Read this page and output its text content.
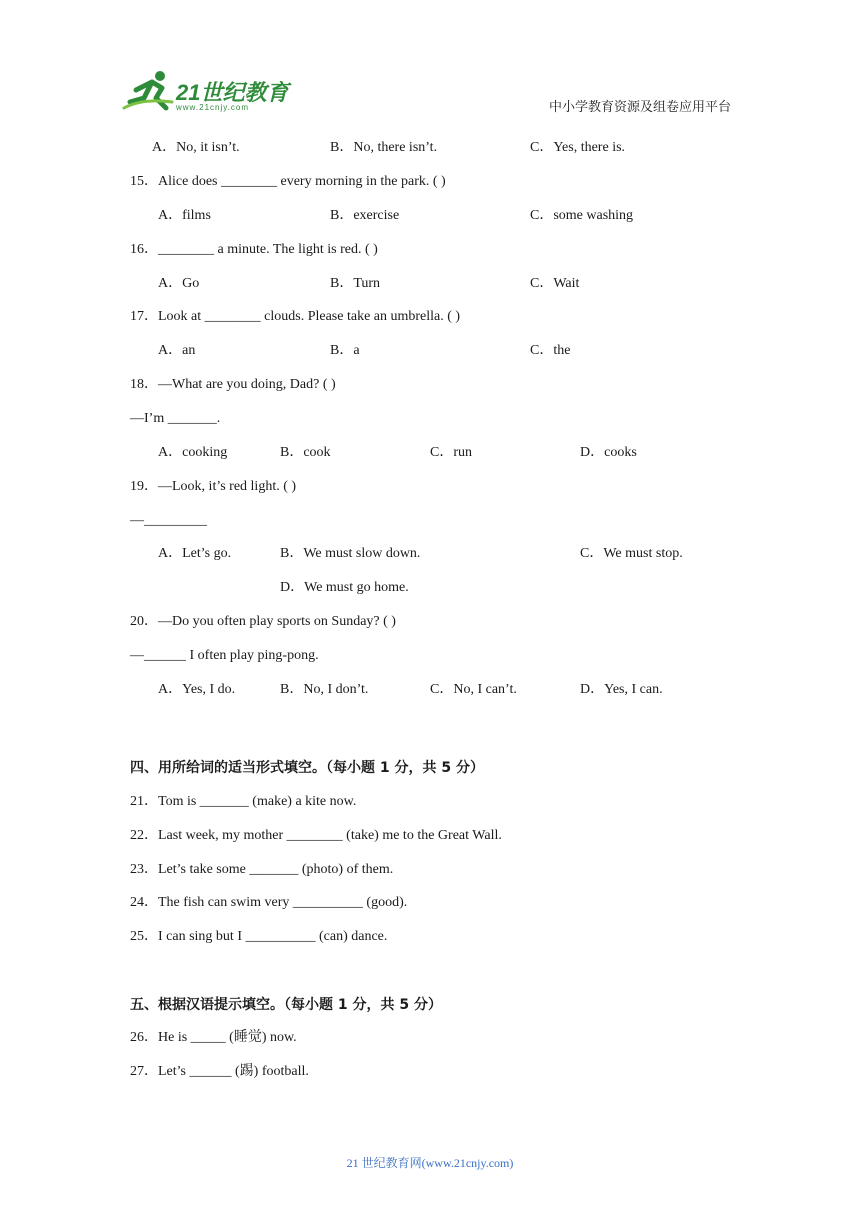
21世纪教育
www.21cnjy.com	中小学教育资源及组卷应用平台
A．No, it isn’t.	B．No, there isn’t.	C．Yes, there is.
15．Alice does ________ every morning in the park. ( )
A．films	B．exercise	C．some washing
16．________ a minute. The light is red. ( )
A．Go	B．Turn	C．Wait
17．Look at ________ clouds. Please take an umbrella. ( )
A．an	B．a	C．the
18．—What are you doing, Dad? ( )
—I’m _______.
A．cooking	B．cook	C．run	D．cooks
19．—Look, it’s red light. ( )
—_________
A．Let’s go.	B．We must slow down.	C．We must stop.
D．We must go home.
20．—Do you often play sports on Sunday? ( )
—______ I often play ping-pong.
A．Yes, I do.	B．No, I don’t.	C．No, I can’t.	D．Yes, I can.
四、用所给词的适当形式填空。（每小题 1 分，共 5 分）
21．Tom is _______ (make) a kite now.
22．Last week, my mother ________ (take) me to the Great Wall.
23．Let’s take some _______ (photo) of them.
24．The fish can swim very __________ (good).
25．I can sing but I __________ (can) dance.
五、根据汉语提示填空。（每小题 1 分，共 5 分）
26．He is _____ (睡觉) now.
27．Let’s ______ (踢) football.
21 世纪教育网(www.21cnjy.com)
